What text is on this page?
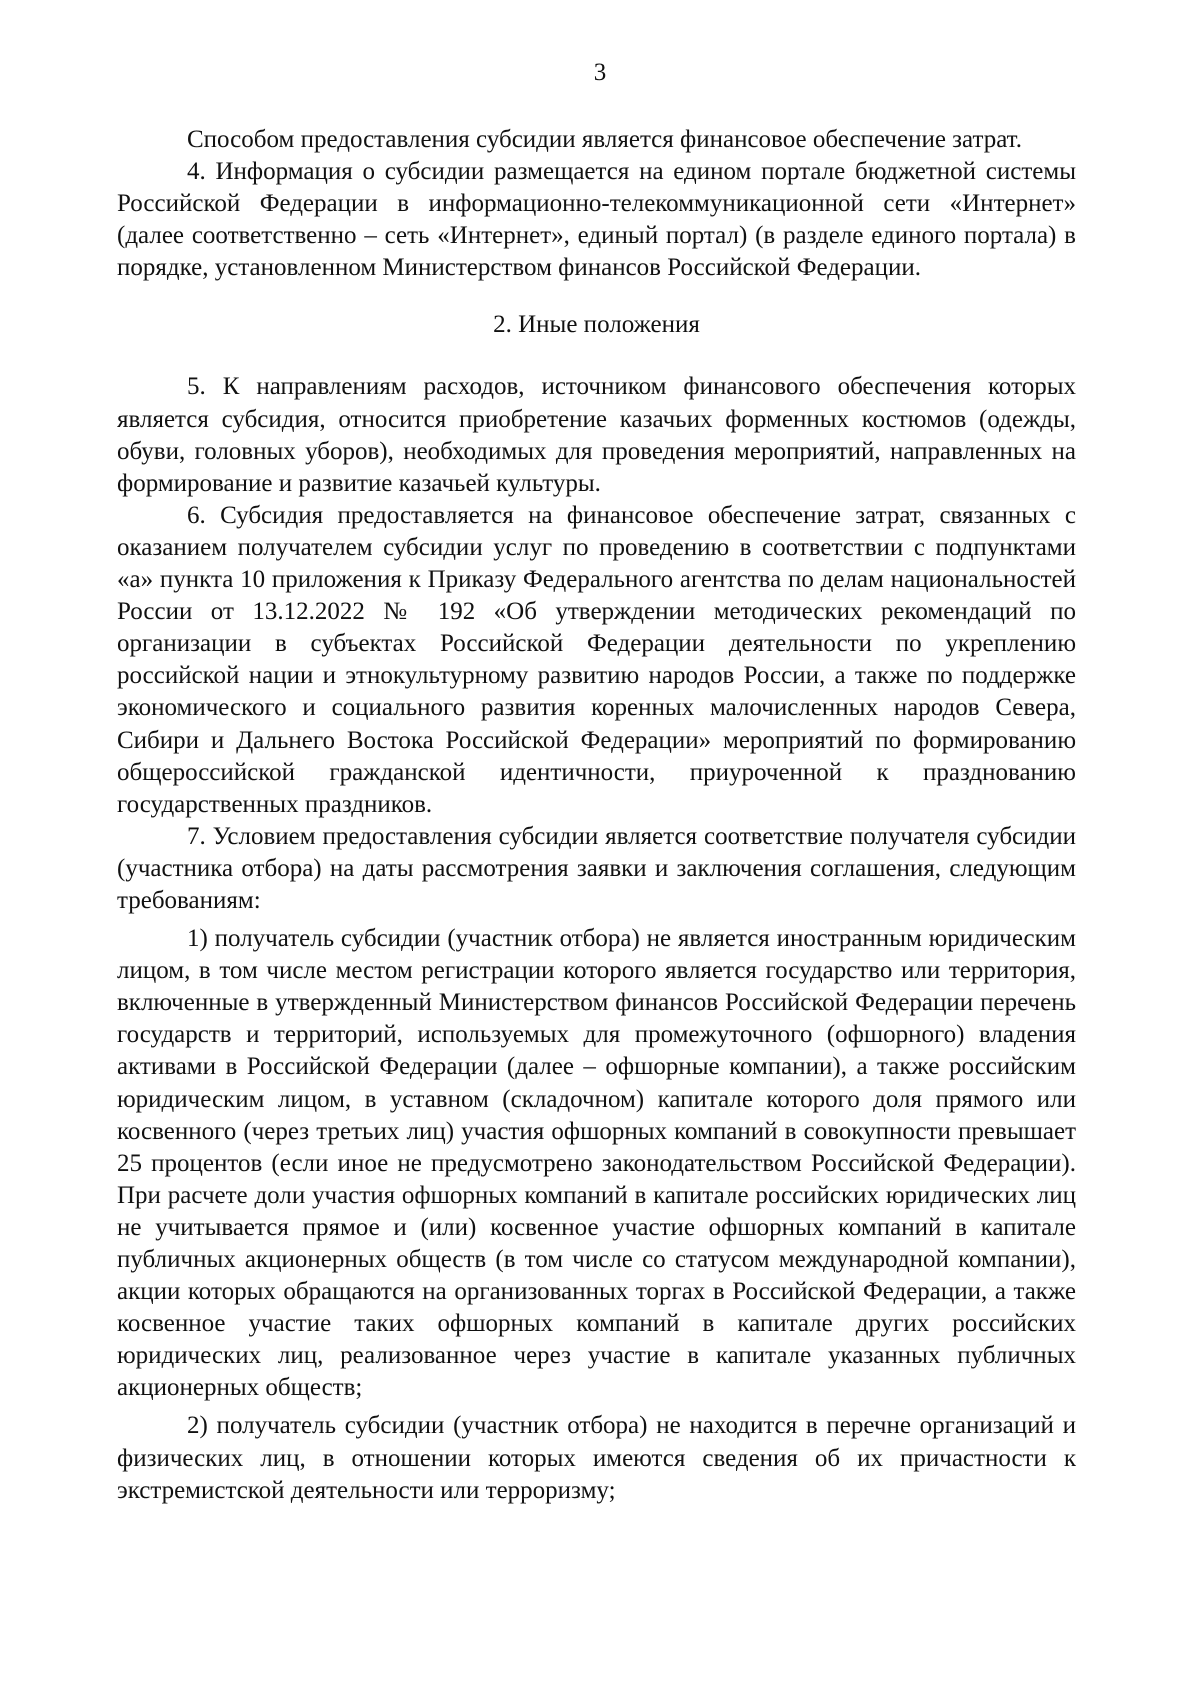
3

Способом предоставления субсидии является финансовое обеспечение затрат.

4. Информация о субсидии размещается на едином портале бюджетной системы Российской Федерации в информационно-телекоммуникационной сети «Интернет» (далее соответственно – сеть «Интернет», единый портал) (в разделе единого портала) в порядке, установленном Министерством финансов Российской Федерации.

2. Иные положения

5. К направлениям расходов, источником финансового обеспечения которых является субсидия, относится приобретение казачьих форменных костюмов (одежды, обуви, головных уборов), необходимых для проведения мероприятий, направленных на формирование и развитие казачьей культуры.

6. Субсидия предоставляется на финансовое обеспечение затрат, связанных с оказанием получателем субсидии услуг по проведению в соответствии с подпунктами «а» пункта 10 приложения к Приказу Федерального агентства по делам национальностей России от 13.12.2022 № 192 «Об утверждении методических рекомендаций по организации в субъектах Российской Федерации деятельности по укреплению российской нации и этнокультурному развитию народов России, а также по поддержке экономического и социального развития коренных малочисленных народов Севера, Сибири и Дальнего Востока Российской Федерации» мероприятий по формированию общероссийской гражданской идентичности, приуроченной к празднованию государственных праздников.

7. Условием предоставления субсидии является соответствие получателя субсидии (участника отбора) на даты рассмотрения заявки и заключения соглашения, следующим требованиям:

1) получатель субсидии (участник отбора) не является иностранным юридическим лицом, в том числе местом регистрации которого является государство или территория, включенные в утвержденный Министерством финансов Российской Федерации перечень государств и территорий, используемых для промежуточного (офшорного) владения активами в Российской Федерации (далее – офшорные компании), а также российским юридическим лицом, в уставном (складочном) капитале которого доля прямого или косвенного (через третьих лиц) участия офшорных компаний в совокупности превышает 25 процентов (если иное не предусмотрено законодательством Российской Федерации). При расчете доли участия офшорных компаний в капитале российских юридических лиц не учитывается прямое и (или) косвенное участие офшорных компаний в капитале публичных акционерных обществ (в том числе со статусом международной компании), акции которых обращаются на организованных торгах в Российской Федерации, а также косвенное участие таких офшорных компаний в капитале других российских юридических лиц, реализованное через участие в капитале указанных публичных акционерных обществ;

2) получатель субсидии (участник отбора) не находится в перечне организаций и физических лиц, в отношении которых имеются сведения об их причастности к экстремистской деятельности или терроризму;
